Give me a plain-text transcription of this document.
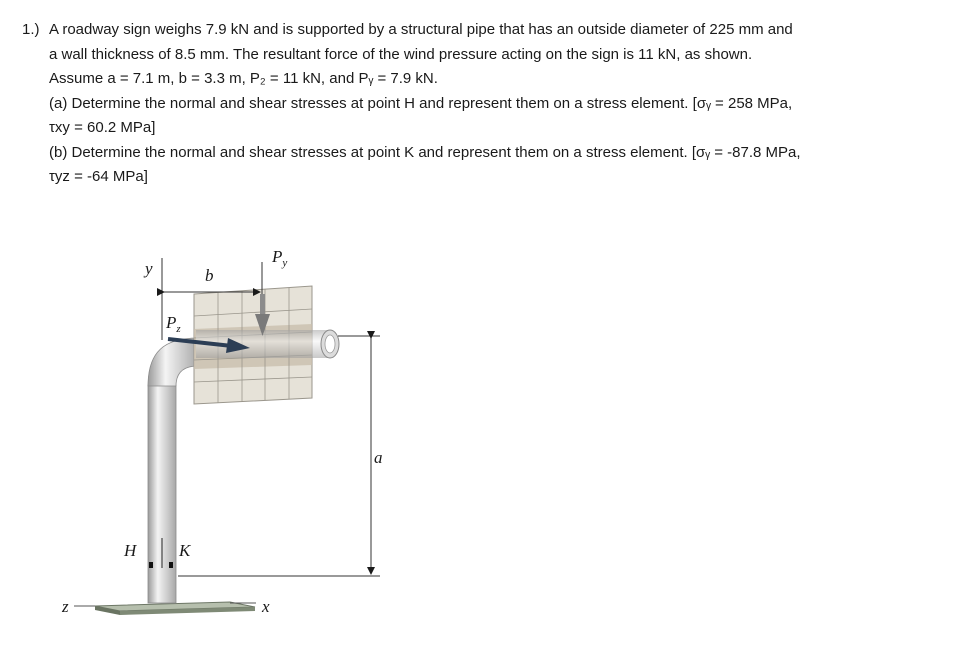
1.) A roadway sign weighs 7.9 kN and is supported by a structural pipe that has an outside diameter of 225 mm and
a wall thickness of 8.5 mm. The resultant force of the wind pressure acting on the sign is 11 kN, as shown.
Assume a = 7.1 m, b = 3.3 m, P₂ = 11 kN, and Pᵧ = 7.9 kN.
(a) Determine the normal and shear stresses at point H and represent them on a stress element. [σᵧ = 258 MPa,
τxy = 60.2 MPa]
(b) Determine the normal and shear stresses at point K and represent them on a stress element. [σᵧ = -87.8 MPa,
τyz = -64 MPa]
a
b
y
$P_y$
$P_z$
H	K
z	x
